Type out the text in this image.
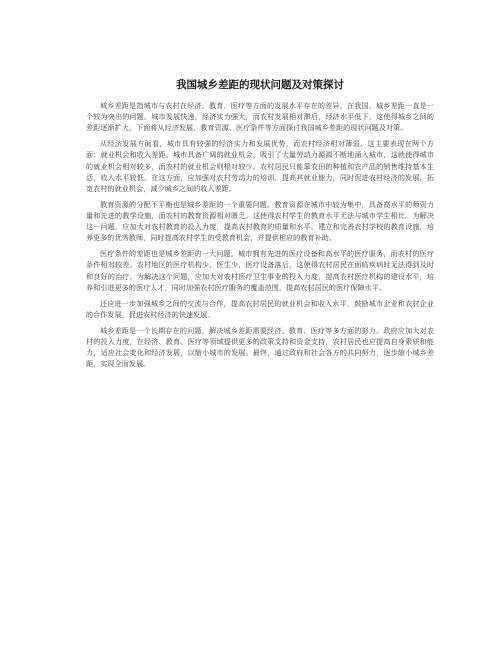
我国城乡差距的现状问题及对策探讨

城乡差距是指城市与农村在经济、教育、医疗等方面的发展水平存在的差异。在我国，城乡差距一直是一个较为突出的问题。城市发展快速，经济实力强大，而农村发展相对滞后，经济水平低下，这使得城乡之间的差距逐渐扩大。下面将从经济发展、教育资源、医疗条件等方面探讨我国城乡差距的现状问题及对策。

从经济发展方面看，城市具有较强的经济实力和发展优势，而农村经济相对薄弱。这主要表现在两个方面：就业机会和收入差距。城市具备广阔的就业机会，吸引了大量劳动力源源不断地涌入城市，这就使得城市的就业机会相对较多，而农村的就业机会则相对较少。农村居民只能靠农田的种植和农产品的销售维持基本生活，收入水平较低。在这方面，应加强对农村劳动力的培训，提高其就业能力，同时促进农村经济的发展，拓宽农村的就业机会，减少城乡之间的收入差距。

教育资源的分配不平衡也是城乡差距的一个重要问题。教育资源在城市中较为集中，具备高水平的师资力量和先进的教学设施，而农村的教育资源相对匮乏。这使得农村学生的教育水平无法与城市学生相比。为解决这一问题，应加大对农村教育的投入力度，提高农村教育的质量和水平，建立和完善农村学校的教育设施，培养更多的优秀教师，同时提高农村学生的受教育机会，并提供相应的教育补助。

医疗条件的差距也是城乡差距的一大问题。城市拥有先进的医疗设备和高水平的医疗服务，而农村的医疗条件相对较差。农村地区的医疗机构少、医生少，医疗设备落后，这使得农村居民在面临疾病时无法得到及时和良好的治疗。为解决这个问题，应加大对农村医疗卫生事业的投入力度，提高农村医疗机构的建设水平，培养和引进更多的医疗人才，同时加强农村医疗服务的覆盖范围，提高农村居民的医疗保障水平。

还应进一步加强城乡之间的交流与合作，提高农村居民的就业机会和收入水平，鼓励城市企业和农村企业的合作发展，促进农村经济的快速发展。

城乡差距是一个长期存在的问题，解决城乡差距需要经济、教育、医疗等多方面的努力。政府应加大对农村的投入力度，在经济、教育、医疗等领域提供更多的政策支持和资金支持，农村居民也应提高自身素质和能力，适应社会变化和经济发展，以缩小城市的发展。最终，通过政府和社会各方的共同努力，逐步缩小城乡差距，实现全面发展。
